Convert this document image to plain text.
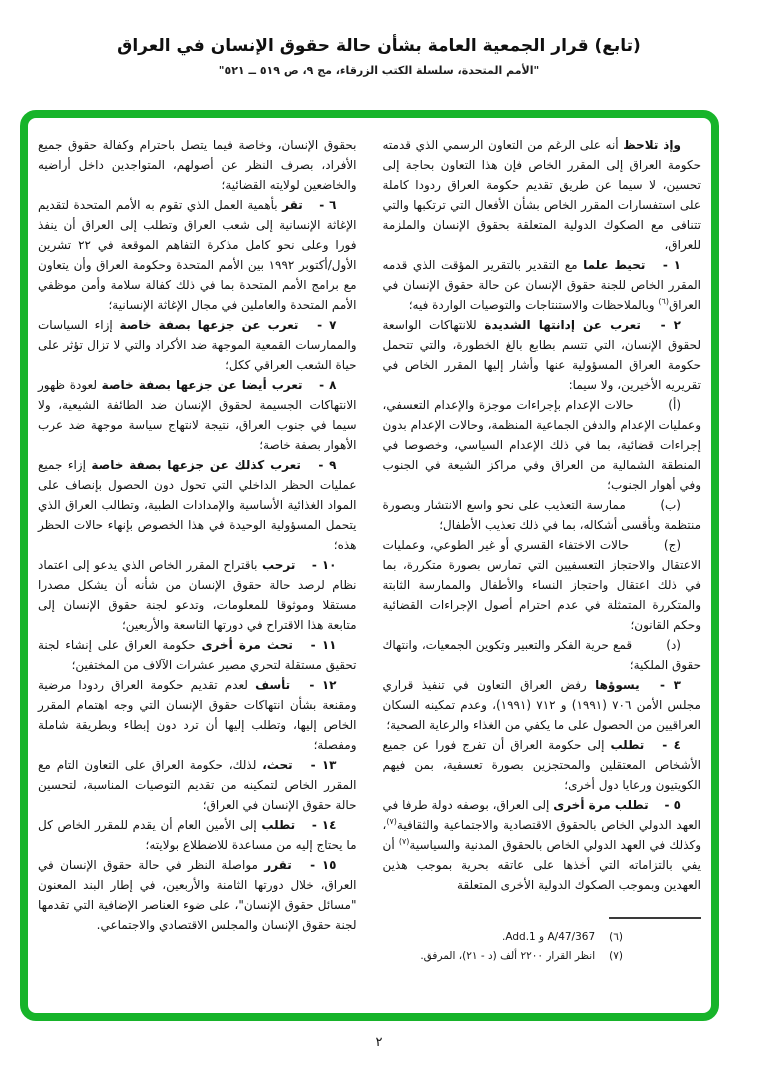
(تابع) قرار الجمعية العامة بشأن حالة حقوق الإنسان في العراق
"الأمم المتحدة، سلسلة الكتب الزرقاء، مج ٩، ص ٥١٩ ــ ٥٢١"

وإذ تلاحظ أنه على الرغم من التعاون الرسمي الذي قدمته حكومة العراق إلى المقرر الخاص فإن هذا التعاون بحاجة إلى تحسين، لا سيما عن طريق تقديم حكومة العراق ردودا كاملة على استفسارات المقرر الخاص بشأن الأفعال التي ترتكبها والتي تتنافى مع الصكوك الدولية المتعلقة بحقوق الإنسان والملزمة للعراق،

١ - تحيط علما مع التقدير بالتقرير المؤقت الذي قدمه المقرر الخاص للجنة حقوق الإنسان عن حالة حقوق الإنسان في العراق$^{(٦)}$ وبالملاحظات والاستنتاجات والتوصيات الواردة فيه؛

٢ - تعرب عن إدانتها الشديدة للانتهاكات الواسعة لحقوق الإنسان، التي تتسم بطابع بالغ الخطورة، والتي تتحمل حكومة العراق المسؤولية عنها وأشار إليها المقرر الخاص في تقريريه الأخيرين، ولا سيما:

(أ) حالات الإعدام بإجراءات موجزة والإعدام التعسفي، وعمليات الإعدام والدفن الجماعية المنظمة، وحالات الإعدام بدون إجراءات قضائية، بما في ذلك الإعدام السياسي، وخصوصا في المنطقة الشمالية من العراق وفي مراكز الشيعة في الجنوب وفي أهوار الجنوب؛

(ب) ممارسة التعذيب على نحو واسع الانتشار وبصورة منتظمة وبأقسى أشكاله، بما في ذلك تعذيب الأطفال؛

(ج) حالات الاختفاء القسري أو غير الطوعي، وعمليات الاعتقال والاحتجاز التعسفيين التي تمارس بصورة متكررة، بما في ذلك اعتقال واحتجاز النساء والأطفال والممارسة الثابتة والمتكررة المتمثلة في عدم احترام أصول الإجراءات القضائية وحكم القانون؛

(د) قمع حرية الفكر والتعبير وتكوين الجمعيات، وانتهاك حقوق الملكية؛

٣ - يسوؤها رفض العراق التعاون في تنفيذ قراري مجلس الأمن ٧٠٦ (١٩٩١) و ٧١٢ (١٩٩١)، وعدم تمكينه السكان العراقيين من الحصول على ما يكفي من الغذاء والرعاية الصحية؛

٤ - تطلب إلى حكومة العراق أن تفرج فورا عن جميع الأشخاص المعتقلين والمحتجزين بصورة تعسفية، بمن فيهم الكويتيون ورعايا دول أخرى؛

٥ - تطلب مرة أخرى إلى العراق، بوصفه دولة طرفا في العهد الدولي الخاص بالحقوق الاقتصادية والاجتماعية والثقافية$^{(٧)}$، وكذلك في العهد الدولي الخاص بالحقوق المدنية والسياسية$^{(٧)}$ أن يفي بالتزاماته التي أخذها على عاتقه بحرية بموجب هذين العهدين وبموجب الصكوك الدولية الأخرى المتعلقة

(٦)A/47/367 و Add.1.

(٧)انظر القرار ٢٢٠٠ ألف (د - ٢١)، المرفق.

بحقوق الإنسان، وخاصة فيما يتصل باحترام وكفالة حقوق جميع الأفراد، بصرف النظر عن أصولهم، المتواجدين داخل أراضيه والخاضعين لولايته القضائية؛

٦ - تقر بأهمية العمل الذي تقوم به الأمم المتحدة لتقديم الإغاثة الإنسانية إلى شعب العراق وتطلب إلى العراق أن ينفذ فورا وعلى نحو كامل مذكرة التفاهم الموقعة في ٢٢ تشرين الأول/أكتوبر ١٩٩٢ بين الأمم المتحدة وحكومة العراق وأن يتعاون مع برامج الأمم المتحدة بما في ذلك كفالة سلامة وأمن موظفي الأمم المتحدة والعاملين في مجال الإغاثة الإنسانية؛

٧ - تعرب عن جزعها بصفة خاصة إزاء السياسات والممارسات القمعية الموجهة ضد الأكراد والتي لا تزال تؤثر على حياة الشعب العراقي ككل؛

٨ - تعرب أيضا عن جزعها بصفة خاصة لعودة ظهور الانتهاكات الجسيمة لحقوق الإنسان ضد الطائفة الشيعية، ولا سيما في جنوب العراق، نتيجة لانتهاج سياسة موجهة ضد عرب الأهوار بصفة خاصة؛

٩ - تعرب كذلك عن جزعها بصفة خاصة إزاء جميع عمليات الحظر الداخلي التي تحول دون الحصول بإنصاف على المواد الغذائية الأساسية والإمدادات الطبية، وتطالب العراق الذي يتحمل المسؤولية الوحيدة في هذا الخصوص بإنهاء حالات الحظر هذه؛

١٠ - ترحب باقتراح المقرر الخاص الذي يدعو إلى اعتماد نظام لرصد حالة حقوق الإنسان من شأنه أن يشكل مصدرا مستقلا وموثوقا للمعلومات، وتدعو لجنة حقوق الإنسان إلى متابعة هذا الاقتراح في دورتها التاسعة والأربعين؛

١١ - تحث مرة أخرى حكومة العراق على إنشاء لجنة تحقيق مستقلة لتحري مصير عشرات الآلاف من المختفين؛

١٢ - تأسف لعدم تقديم حكومة العراق ردودا مرضية ومقنعة بشأن انتهاكات حقوق الإنسان التي وجه اهتمام المقرر الخاص إليها، وتطلب إليها أن ترد دون إبطاء وبطريقة شاملة ومفصلة؛

١٣ - تحث، لذلك، حكومة العراق على التعاون التام مع المقرر الخاص لتمكينه من تقديم التوصيات المناسبة، لتحسين حالة حقوق الإنسان في العراق؛

١٤ - تطلب إلى الأمين العام أن يقدم للمقرر الخاص كل ما يحتاج إليه من مساعدة للاضطلاع بولايته؛

١٥ - تقرر مواصلة النظر في حالة حقوق الإنسان في العراق، خلال دورتها الثامنة والأربعين، في إطار البند المعنون "مسائل حقوق الإنسان"، على ضوء العناصر الإضافية التي تقدمها لجنة حقوق الإنسان والمجلس الاقتصادي والاجتماعي.

٢
